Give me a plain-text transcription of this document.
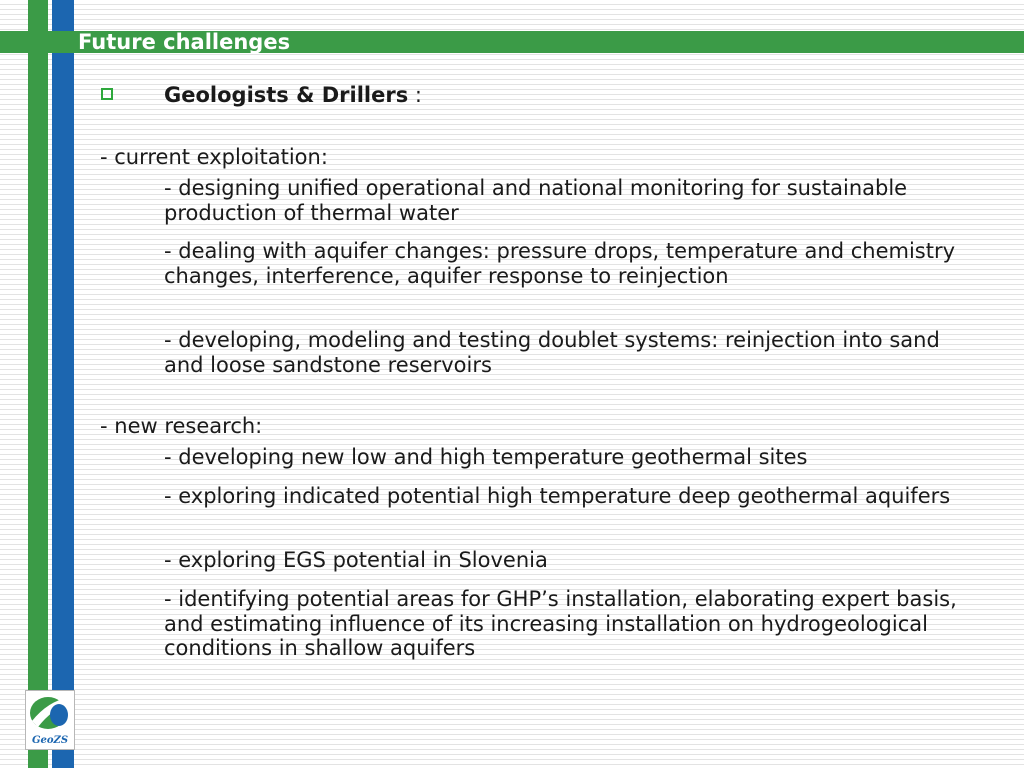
Future challenges
Geologists & Drillers :
- current exploitation:
- designing unified operational and national monitoring for sustainable production of thermal water
- dealing with aquifer changes: pressure drops, temperature and chemistry changes, interference, aquifer response to reinjection
- developing, modeling and testing doublet systems: reinjection into sand and loose sandstone reservoirs
- new research:
- developing new low and high temperature geothermal sites
- exploring indicated potential high temperature deep geothermal aquifers
- exploring EGS potential in Slovenia
- identifying potential areas for GHP’s installation, elaborating expert basis, and estimating influence of its increasing installation on hydrogeological conditions in shallow aquifers
GeoZS
